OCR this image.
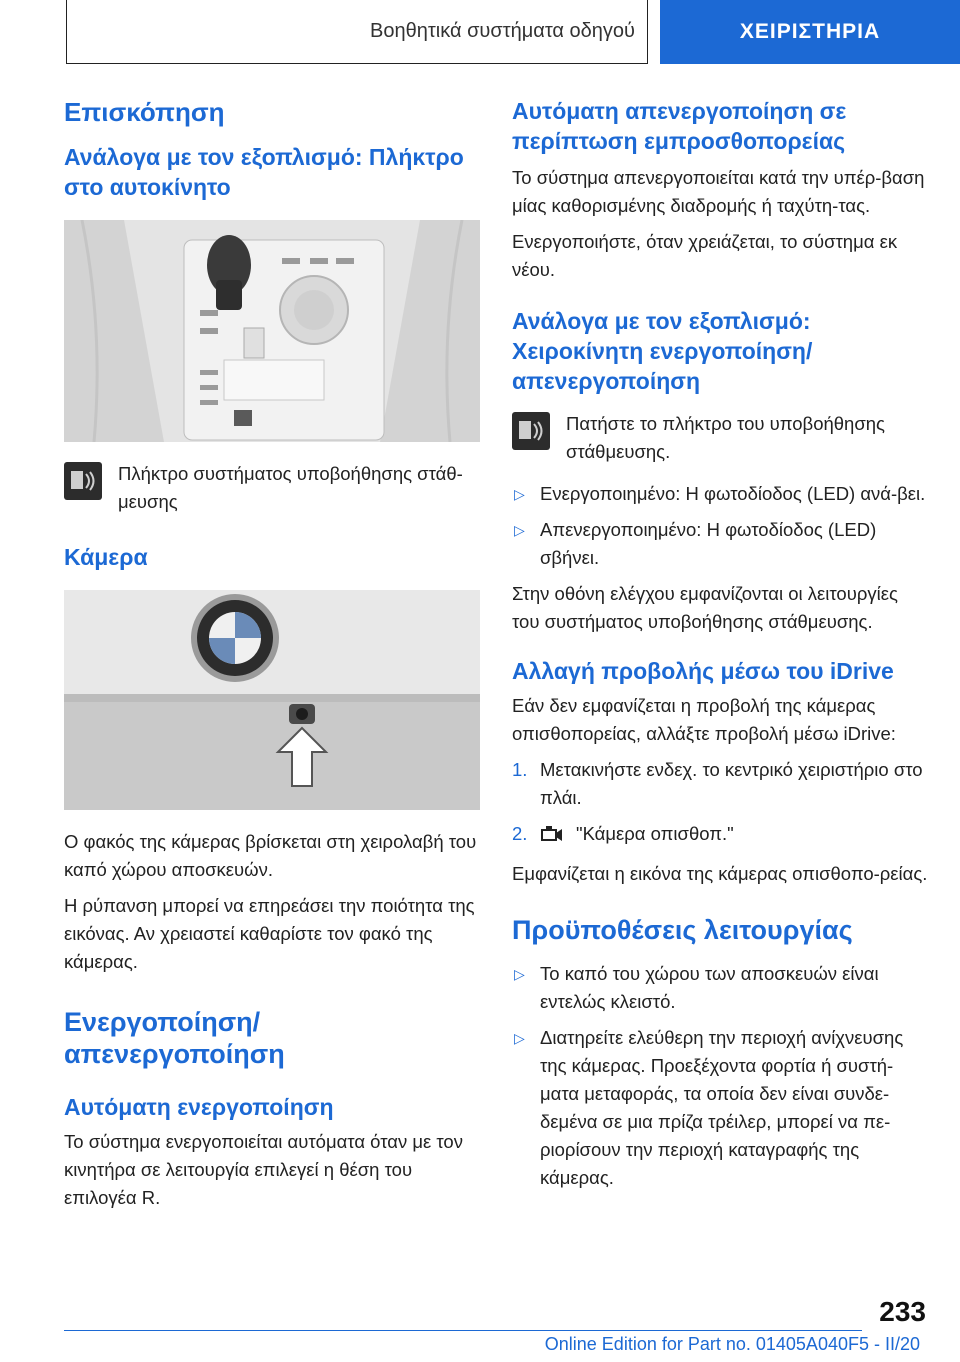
Βοηθητικά συστήματα οδηγού	ΧΕΙΡΙΣΤΗΡΙΑ
Επισκόπηση
Ανάλογα με τον εξοπλισμό: Πλήκτρο στο αυτοκίνητο

Πλήκτρο συστήματος υποβοήθησης στάθ-μευσης

Κάμερα

Ο φακός της κάμερας βρίσκεται στη χειρολαβή του καπό χώρου αποσκευών.

Η ρύπανση μπορεί να επηρεάσει την ποιότητα της εικόνας. Αν χρειαστεί καθαρίστε τον φακό της κάμερας.

Ενεργοποίηση/απενεργοποίηση
Αυτόματη ενεργοποίηση

Το σύστημα ενεργοποιείται αυτόματα όταν με τον κινητήρα σε λειτουργία επιλεγεί η θέση του επιλογέα R.

Αυτόματη απενεργοποίηση σε περίπτωση εμπροσθοπορείας

Το σύστημα απενεργοποιείται κατά την υπέρ-βαση μίας καθορισμένης διαδρομής ή ταχύτη-τας.

Ενεργοποιήστε, όταν χρειάζεται, το σύστημα εκ νέου.

Ανάλογα με τον εξοπλισμό: Χειροκίνητη ενεργοποίηση/ απενεργοποίηση

Πατήστε το πλήκτρο του υποβοήθησης στάθμευσης.

▷ Ενεργοποιημένο: Η φωτοδίοδος (LED) ανά-βει.
▷ Απενεργοποιημένο: Η φωτοδίοδος (LED) σβήνει.

Στην οθόνη ελέγχου εμφανίζονται οι λειτουργίες του συστήματος υποβοήθησης στάθμευσης.

Αλλαγή προβολής μέσω του iDrive

Εάν δεν εμφανίζεται η προβολή της κάμερας οπισθοπορείας, αλλάξτε προβολή μέσω iDrive:

1. Μετακινήστε ενδεχ. το κεντρικό χειριστήριο στο πλάι.
2.	"Κάμερα οπισθοπ."

Εμφανίζεται η εικόνα της κάμερας οπισθοπο-ρείας.

Προϋποθέσεις λειτουργίας
▷ Το καπό του χώρου των αποσκευών είναι εντελώς κλειστό.
▷ Διατηρείτε ελεύθερη την περιοχή ανίχνευσης της κάμερας. Προεξέχοντα φορτία ή συστή-ματα μεταφοράς, τα οποία δεν είναι συνδε-δεμένα σε μια πρίζα τρέιλερ, μπορεί να πε-ριορίσουν την περιοχή καταγραφής της κάμερας.
233
Online Edition for Part no. 01405A040F5 - II/20
